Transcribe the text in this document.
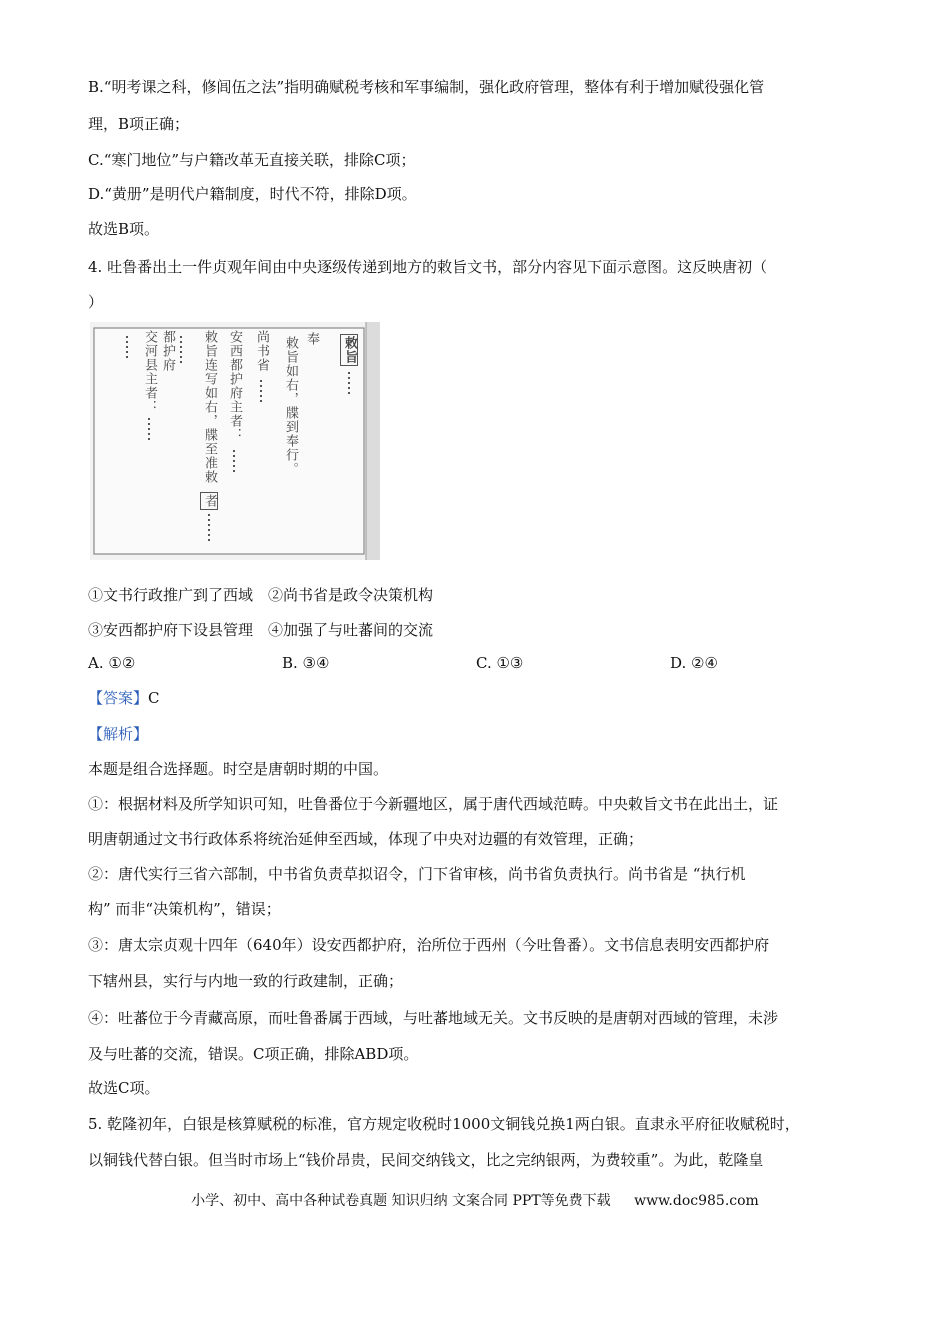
B.“明考课之科，修闾伍之法”指明确赋税考核和军事编制，强化政府管理，整体有利于增加赋役强化管
理，B项正确；
C.“寒门地位”与户籍改革无直接关联，排除C项；
D.“黄册”是明代户籍制度，时代不符，排除D项。
故选B项。
4. 吐鲁番出土一件贞观年间由中央逐级传递到地方的敕旨文书，部分内容见下面示意图。这反映唐初（
）
敕旨
奉
敕旨如右，牒到奉行。
尚书省
安西都护府主者：
敕旨连写如右，牒至准敕
者
都护府
交河县主者：
①文书行政推广到了西域　②尚书省是政令决策机构
③安西都护府下设县管理　④加强了与吐蕃间的交流
A. ①②	B. ③④	C. ①③	D. ②④
【答案】C
【解析】
本题是组合选择题。时空是唐朝时期的中国。
①：根据材料及所学知识可知，吐鲁番位于今新疆地区，属于唐代西域范畴。中央敕旨文书在此出土，证
明唐朝通过文书行政体系将统治延伸至西域，体现了中央对边疆的有效管理，正确；
②：唐代实行三省六部制，中书省负责草拟诏令，门下省审核，尚书省负责执行。尚书省是 “执行机
构” 而非“决策机构”，错误；
③：唐太宗贞观十四年（640年）设安西都护府，治所位于西州（今吐鲁番）。文书信息表明安西都护府
下辖州县，实行与内地一致的行政建制，正确；
④：吐蕃位于今青藏高原，而吐鲁番属于西域，与吐蕃地域无关。文书反映的是唐朝对西域的管理，未涉
及与吐蕃的交流，错误。C项正确，排除ABD项。
故选C项。
5. 乾隆初年，白银是核算赋税的标准，官方规定收税时1000文铜钱兑换1两白银。直隶永平府征收赋税时，
以铜钱代替白银。但当时市场上“钱价昂贵，民间交纳钱文，比之完纳银两，为费较重”。为此，乾隆皇
小学、初中、高中各种试卷真题 知识归纳 文案合同 PPT等免费下载 www.doc985.com
